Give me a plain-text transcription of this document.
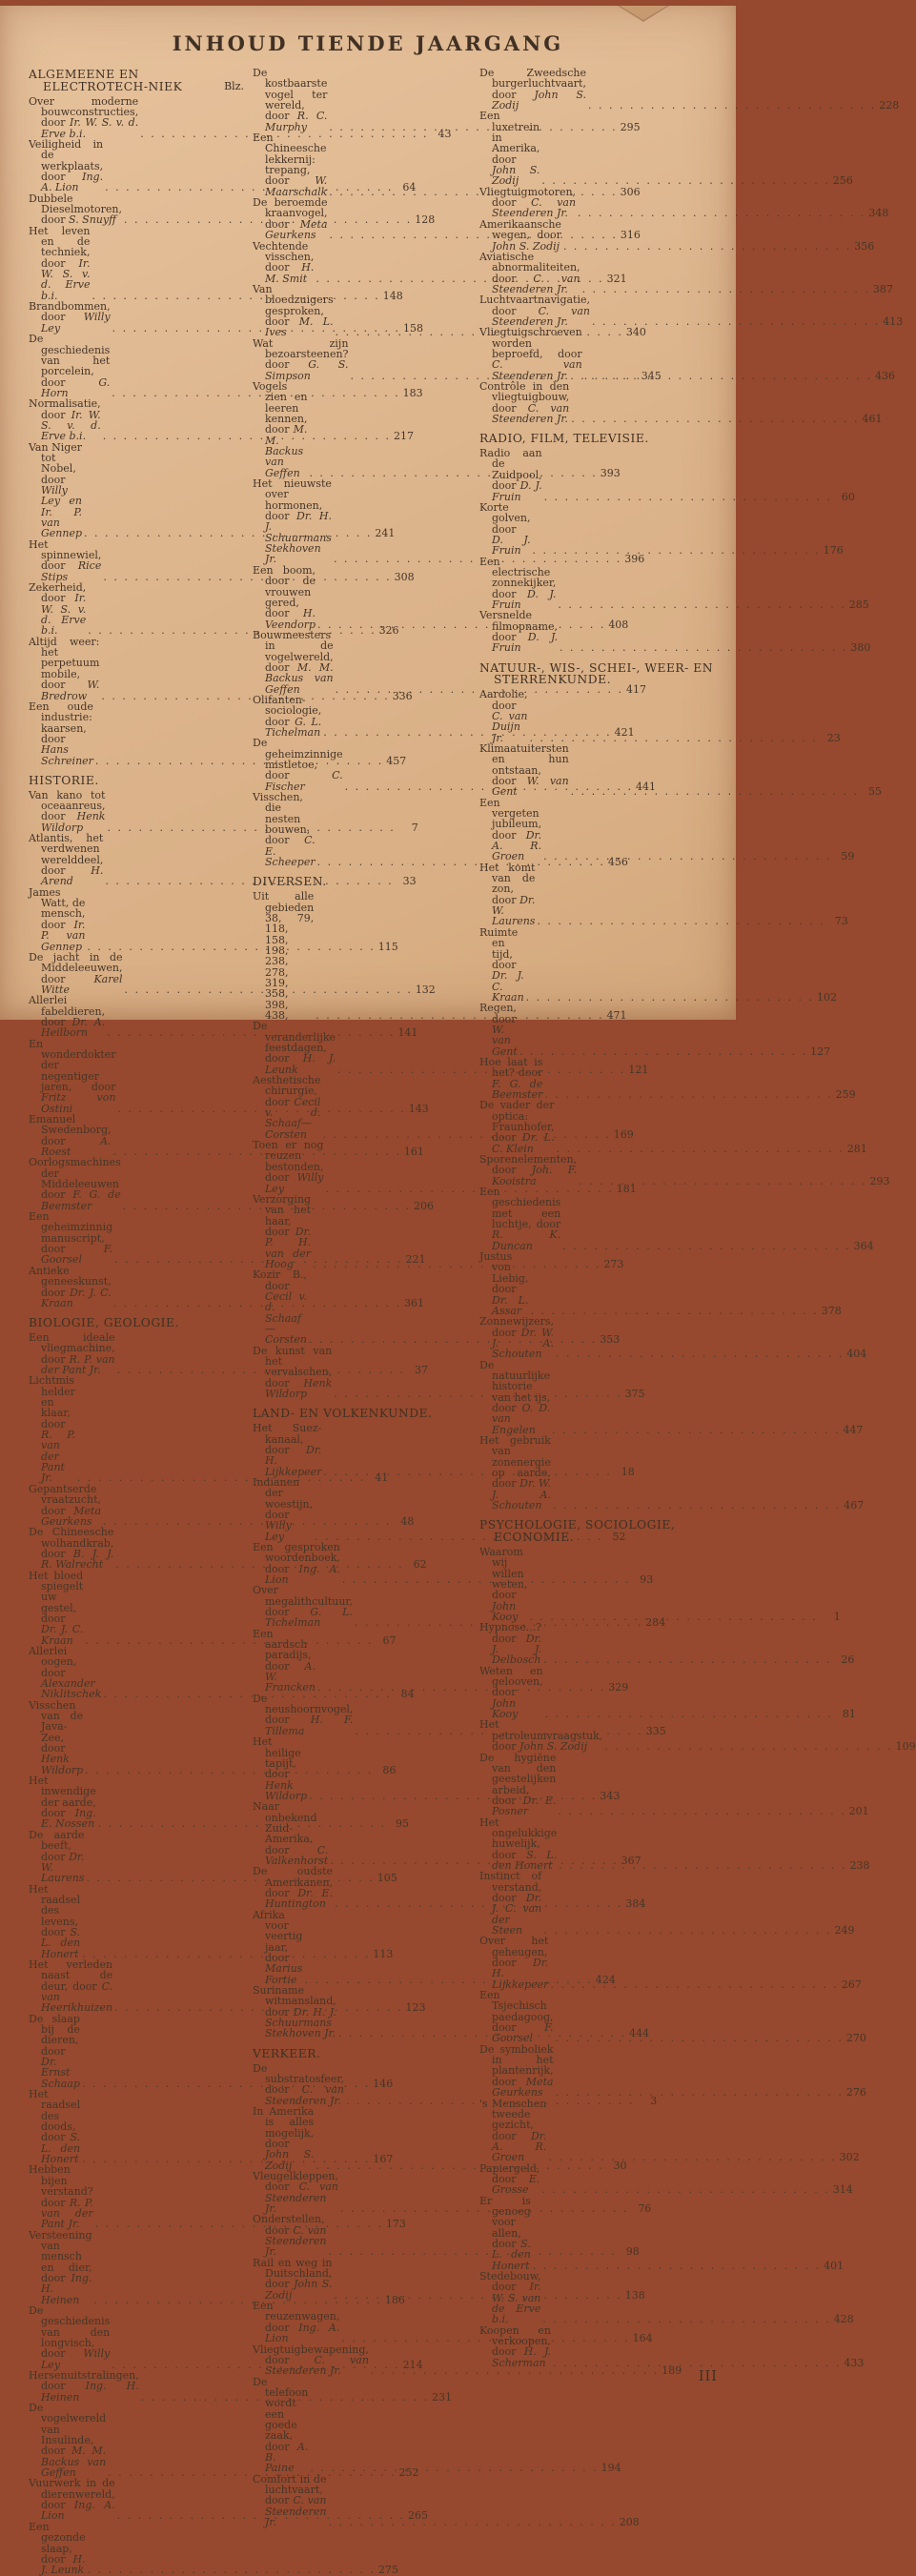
INHOUD TIENDE JAARGANG
ALGEMEENE EN ELECTROTECH-NIEK	Blz.
Over moderne bouwconstructies, door Ir. W. S. v. d. Erve b.i. . . .	43
Veiligheid in de werkplaats, door Ing. A. Lion . . .	64
Dubbele Dieselmotoren, door S. Snuyff . . .	128
Het leven en de techniek, door Ir. W. S. v. d. Erve b.i. . . .	148
Brandbommen, door Willy Ley . . .	158
De geschiedenis van het porcelein, door G. Horn . . .	183
Normalisatie, door Ir. W. S. v. d. Erve b.i. . . .	217
Van Niger tot Nobel, door Willy Ley en Ir. P. van Gennep . . .	241
Het spinnewiel, door Rice Stips . . .	308
Zekerheid, door Ir. W. S. v. d. Erve b.i. . . .	326
Altijd weer: het perpetuum mobile, door W. Bredrow . . .	336
Een oude industrie: kaarsen, door Hans Schreiner . . .	457
HISTORIE.
Van kano tot oceaanreus, door Henk Wildorp . . .	7
Atlantis, het verdwenen werelddeel, door H. Arend . . .	33
James Watt, de mensch, door Ir. P. van Gennep . . .	115
De jacht in de Middeleeuwen, door Karel Witte . . .	132
Allerlei fabeldieren, door Dr. A. Heilborn . . .	141
En wonderdokter der negentiger jaren, door Fritz von Ostini . . .	143
Emanuel Swedenborg, door A. Roest . . .	161
Oorlogsmachines der Middeleeuwen door F. G. de Beemster . . .	206
Een geheimzinnig manuscript, door F. Goorsel . . .	221
Antieke geneeskunst, door Dr. J. C. Kraan . . .	361
BIOLOGIE, GEOLOGIE.
Een ideale vliegmachine, door R. P. van der Pant Jr. . . .	37
Lichtmis helder en klaar, door R. P. van der Pant Jr. . . .	41
Gepantserde vraatzucht, door Meta Geurkens . . .	48
De Chineesche wolhandkrab, door B. J. J. R. Walrecht . . .	62
Het bloed spiegelt uw gestel, door Dr. J. C. Kraan . . .	67
Allerlei oogen, door Alexander Niklitschek . . .	84
Visschen van de Java-Zee, door Henk Wildorp . . .	86
Het inwendige der aarde, door Ing. E. Nossen . . .	95
De aarde beeft, door Dr. W. Laurens . . .	105
Het raadsel des levens, door S. L. den Honert . . .	113
Het verleden naast de deur, door C. van Heerikhuizen . . .	123
De slaap bij de dieren, door Dr. Ernst Schaap . . .	146
Het raadsel des doods, door S. L. den Honert . . .	167
Hebben bijen verstand? door R. P. van der Pant Jr. . . .	173
Versteening van mensch en dier, door Ing. H. Heinen . . .	186
De geschiedenis van den longvisch, door Willy Ley . . .	214
Hersenuitstralingen, door Ing. H. Heinen . . .	231
De vogelwereld van Insulinde, door M. M. Backus van Geffen . . .	252
Vuurwerk in de dierenwereld, door Ing. A. Lion . . .	265
Een gezonde slaap, door H. J. Leunk . . .	275
De kostbaarste vogel ter wereld, door R. C. Murphy . . .	295
Een Chineesche lekkernij: trepang, door W. Maarschalk . . .	306
De beroemde kraanvogel, door Meta Geurkens . . .	316
Vechtende visschen, door H. M. Smit . . .	321
Van bloedzuigers gesproken, door M. L. Ives . . .	340
Wat zijn bezoarsteenen? door G. S. Simpson . . .	345
Vogels zien en leeren kennen, door M. M. Backus van Geffen . . .	393
Het nieuwste over hormonen, door Dr. H. J. Schuurmans Stekhoven Jr. . . .	396
Een boom, door de vrouwen gered, door H. Veendorp . . .	408
Bouwmeesters in de vogelwereld, door M. M. Backus van Geffen . . .	417
Olifanten-sociologie, door G. L. Tichelman . . .	421
De geheimzinnige mistletoe, door C. Fischer . . .	441
Visschen, die nesten bouwen, door C. E. Scheeper . . .	456
DIVERSEN.
Uit alle gebieden 38, 79, 118, 158, 198, 238, 278, 319, 358, 398, 438, . . .	471
De veranderlijke feestdagen, door H. J. Leunk . . .	121
Aesthetische chirurgie, door Cecil v. d. Schaaf—Corsten . . .	169
Toen er nog reuzen bestonden, door Willy Ley . . .	181
Verzorging van het haar, door Dr. P. H. van der Hoog . . .	273
Kozir B., door Cecil v. d. Schaaf—Corsten . . .	353
De kunst van het vervalschen, door Henk Wildorp . . .	375
LAND- EN VOLKENKUNDE.
Het Suez-kanaal, door Dr. H. Lijkkepeer . . .	18
Indianen der woestijn, door Willy Ley . . .	52
Een gesproken woordenboek, door Ing. A. Lion . . .	93
Over megalithcultuur, door G. L. Tichelman . . .	284
Een aardsch paradijs, door A. W. Francken . . .	329
De neushoornvogel, door H. F. Tillema . . .	335
Het heilige tapijt, door Henk Wildorp . . .	343
Naar onbekend Zuid-Amerika, door C. Valkenhorst . . .	367
De oudste Amerikanen, door Dr. E. Huntington . . .	384
Afrika voor veertig jaar, door Marius Fortie . . .	424
Suriname witmansland, door Dr. H. J. Schuurmans Stekhoven Jr. . . .	444
VERKEER.
De substratosfeer, door C. van Steenderen Jr. . . .	3
In Amerika is alles mogelijk, door John S. Zodij . . .	30
Vleugelkleppen, door C. van Steenderen Jr. . . .	76
Onderstellen, door C. van Steenderen Jr. . . .	98
Rail en weg in Duitschland, door John S. Zodij . . .	138
Een reuzenwagen, door Ing. A. Lion . . .	164
Vliegtuigbewapening, door C. van Steenderen Jr. . . .	189
De telefoon wordt een goede zaak, door A. B. Paine . . .	194
Comfort in de luchtvaart, door C. van Steenderen Jr. . . .	208
De Zweedsche burgerluchtvaart, door John S. Zodij . . .	228
Een luxetrein in Amerika, door John S. Zodij . . .	256
Vliegtuigmotoren, door C. van Steenderen Jr. . . .	348
Amerikaansche wegen, door John S. Zodij . . .	356
Aviatische abnormaliteiten, door C. van Steenderen Jr. . . .	387
Luchtvaartnavigatie, door C. van Steenderen Jr. . . .	413
Vliegtuigschroeven worden beproefd, door C. van Steenderen Jr. . . .	436
Contrôle in den vliegtuigbouw, door C. van Steenderen Jr. . . .	461
RADIO, FILM, TELEVISIE.
Radio aan de Zuidpool, door D. J. Fruin . . .	60
Korte golven, door D. J. Fruin . . .	176
Een electrische zonnekijker, door D. J. Fruin . . .	285
Versnelde filmopname, door D. J. Fruin . . .	380
NATUUR-, WIS-, SCHEI-, WEER- EN STERRENKUNDE.
Aardolie, door C. van Duijn Jr. . . .	23
Klimaatuitersten en hun ontstaan, door W. van Gent . . .	55
Een vergeten jubileum, door Dr. A. R. Groen . . .	59
Het komt van de zon, door Dr. W. Laurens . . .	73
Ruimte en tijd, door Dr. J. C. Kraan . . .	102
Regen, door W. van Gent . . .	127
Hoe laat is het? door F. G. de Beemster . . .	259
De vader der optica: Fraunhofer, door Dr. L. C. Klein . . .	281
Sporenelementen, door Joh. F. Kooistra . . .	293
Een geschiedenis met een luchtje, door R. K. Duncan . . .	364
Justus von Liebig, door Dr. L. Assar . . .	378
Zonnewijzers, door Dr. W. J. A. Schouten . . .	404
De natuurlijke historie van het ijs, door O. D. van Engelen . . .	447
Het gebruik van zonenergie op aarde, door Dr. W. J. A. Schouten . . .	467
PSYCHOLOGIE, SOCIOLOGIE, ECONOMIE.
Waarom wij willen weten, door John Kooy . . .	1
Hypnose...? door Dr. J. J. Delbosch . . .	26
Weten en gelooven, door John Kooy . . .	81
Het petroleumvraagstuk, door John S. Zodij . . .	109
De hygiëne van den geestelijken arbeid, door Dr. E. Posner . . .	201
Het ongelukkige huwelijk, door S. L. den Honert . . .	238
Instinct of verstand, door Dr. J. C. van der Steen . . .	249
Over het geheugen, door Dr. H. Lijkkepeer . . .	267
Een Tsjechisch paedagoog, door F. Goorsel . . .	270
De symboliek in het plantenrijk, door Meta Geurkens . . .	276
's Menschen tweede gezicht, door Dr. A. R. Groen . . .	302
Papiergeld, door E. Grosse . . .	314
Er is genoeg voor allen, door S. L. den Honert . . .	401
Stedebouw, door Ir. W. S. van de Erve b.i. . . .	428
Koopen en verkoopen, door H. J. Scherman . . .	433
III
